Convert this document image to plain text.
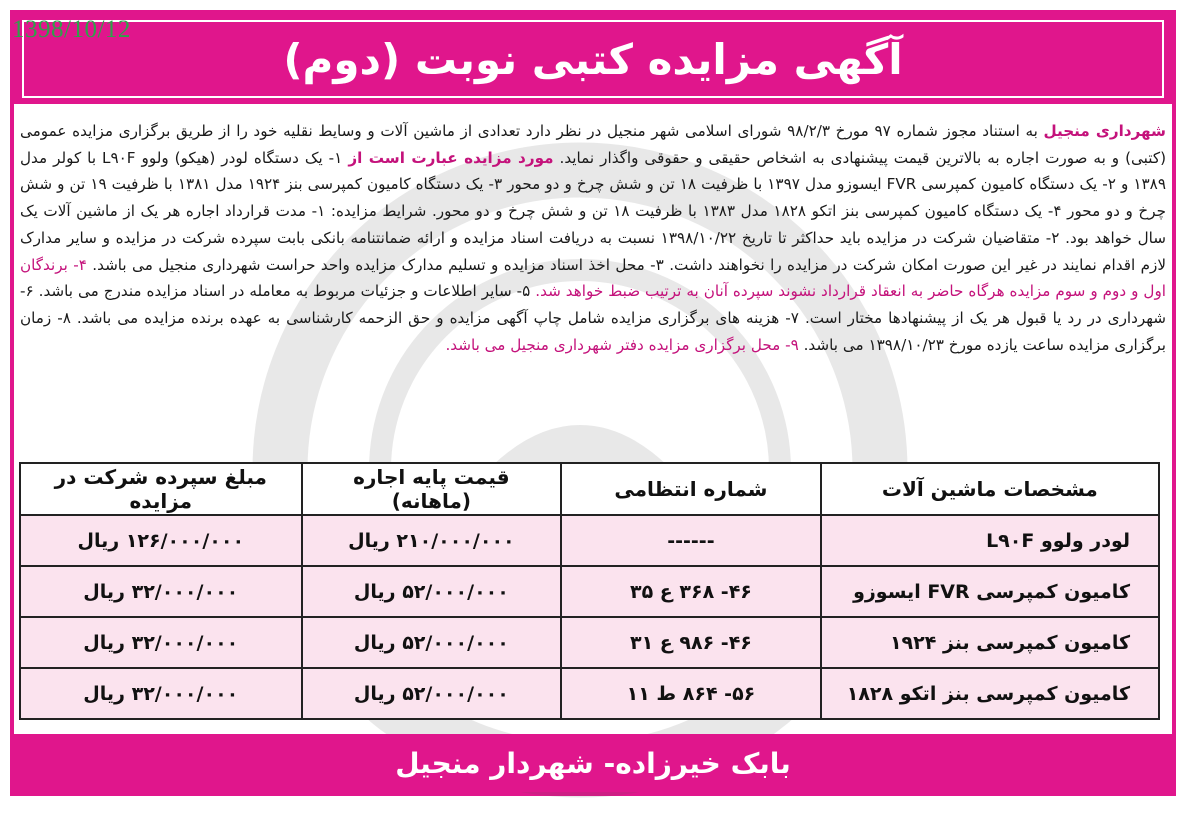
آگهی مزایده کتبی نوبت (دوم)
1398/10/12
شهرداری منجیل به استناد مجوز شماره ۹۷ مورخ ۹۸/۲/۳ شورای اسلامی شهر منجیل در نظر دارد تعدادی از ماشین آلات و وسایط نقلیه خود را از طریق برگزاری مزایده عمومی (کتبی) و به صورت اجاره به بالاترین قیمت پیشنهادی به اشخاص حقیقی و حقوقی واگذار نماید. مورد مزایده عبارت است از ۱- یک دستگاه لودر (هیکو) ولوو L۹۰F با کولر مدل ۱۳۸۹ و ۲- یک دستگاه کامیون کمپرسی FVR ایسوزو مدل ۱۳۹۷ با ظرفیت ۱۸ تن و شش چرخ و دو محور ۳- یک دستگاه کامیون کمپرسی بنز ۱۹۲۴ مدل ۱۳۸۱ با ظرفیت ۱۹ تن و شش چرخ و دو محور ۴- یک دستگاه کامیون کمپرسی بنز اتکو ۱۸۲۸ مدل ۱۳۸۳ با ظرفیت ۱۸ تن و شش چرخ و دو محور. شرایط مزایده: ۱- مدت قرارداد اجاره هر یک از ماشین آلات یک سال خواهد بود. ۲- متقاضیان شرکت در مزایده باید حداکثر تا تاریخ ۱۳۹۸/۱۰/۲۲ نسبت به دریافت اسناد مزایده و ارائه ضمانتنامه بانکی بابت سپرده شرکت در مزایده و سایر مدارک لازم اقدام نمایند در غیر این صورت امکان شرکت در مزایده را نخواهند داشت. ۳- محل اخذ اسناد مزایده و تسلیم مدارک مزایده واحد حراست شهرداری منجیل می باشد. ۴- برندگان اول و دوم و سوم مزایده هرگاه حاضر به انعقاد قرارداد نشوند سپرده آنان به ترتیب ضبط خواهد شد. ۵- سایر اطلاعات و جزئیات مربوط به معامله در اسناد مزایده مندرج می باشد. ۶- شهرداری در رد یا قبول هر یک از پیشنهادها مختار است. ۷- هزینه های برگزاری مزایده شامل چاپ آگهی مزایده و حق الزحمه کارشناسی به عهده برنده مزایده می باشد. ۸- زمان برگزاری مزایده ساعت یازده مورخ ۱۳۹۸/۱۰/۲۳ می باشد. ۹- محل برگزاری مزایده دفتر شهرداری منجیل می باشد.
مشخصات ماشین آلات	شماره انتظامی	قیمت پایه اجاره (ماهانه)	مبلغ سپرده شرکت در مزایده
لودر ولوو L۹۰F	------	۲۱۰/۰۰۰/۰۰۰ ریال	۱۲۶/۰۰۰/۰۰۰ ریال
کامیون کمپرسی FVR ایسوزو	۴۶- ۳۶۸ ع ۳۵	۵۲/۰۰۰/۰۰۰ ریال	۳۲/۰۰۰/۰۰۰ ریال
کامیون کمپرسی بنز ۱۹۲۴	۴۶- ۹۸۶ ع ۳۱	۵۲/۰۰۰/۰۰۰ ریال	۳۲/۰۰۰/۰۰۰ ریال
کامیون کمپرسی بنز اتکو ۱۸۲۸	۵۶- ۸۶۴ ط ۱۱	۵۲/۰۰۰/۰۰۰ ریال	۳۲/۰۰۰/۰۰۰ ریال
بابک خیرزاده- شهردار منجیل
